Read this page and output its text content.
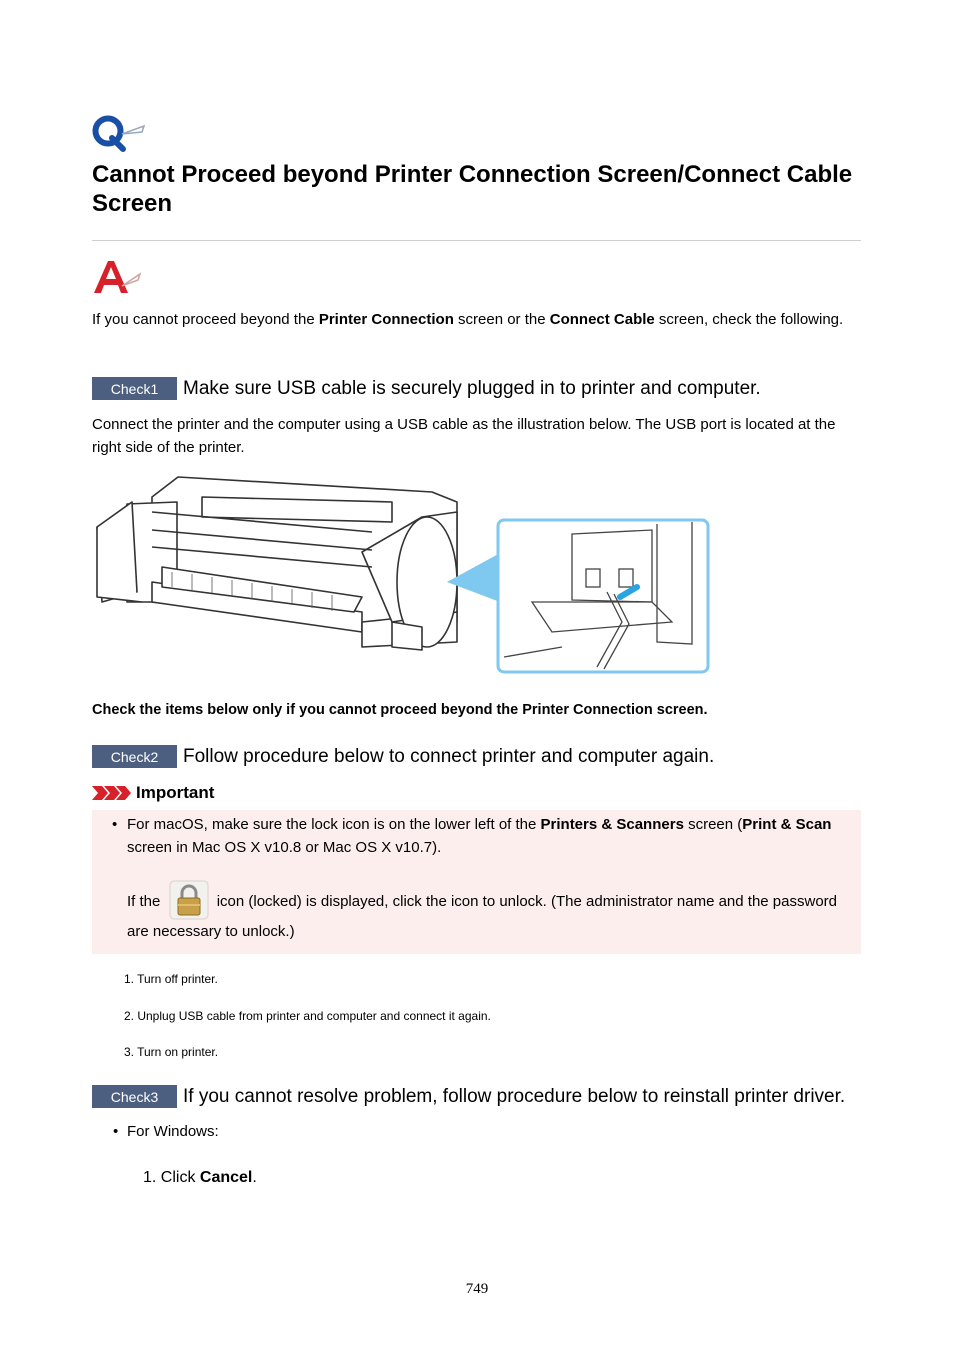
Cannot Proceed beyond Printer Connection Screen/Connect Cable Screen
If you cannot proceed beyond the Printer Connection screen or the Connect Cable screen, check the following.
Check1	Make sure USB cable is securely plugged in to printer and computer.
Connect the printer and the computer using a USB cable as the illustration below. The USB port is located at the right side of the printer.
Check the items below only if you cannot proceed beyond the Printer Connection screen.
Check2	Follow procedure below to connect printer and computer again.
Important
• For macOS, make sure the lock icon is on the lower left of the Printers & Scanners screen (Print & Scan screen in Mac OS X v10.8 or Mac OS X v10.7).
If the	icon (locked) is displayed, click the icon to unlock. (The administrator name and the password are necessary to unlock.)
1. Turn off printer.
2. Unplug USB cable from printer and computer and connect it again.
3. Turn on printer.
Check3	If you cannot resolve problem, follow procedure below to reinstall printer driver.
• For Windows:
1. Click Cancel.
749
